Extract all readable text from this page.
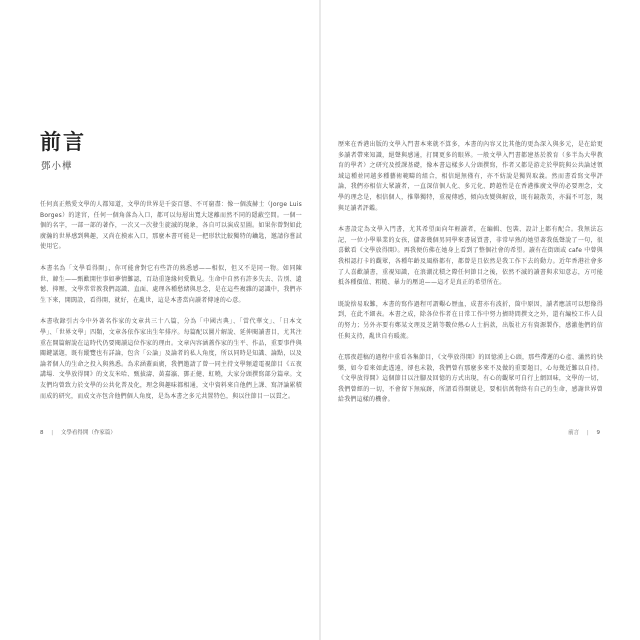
前言

鄧小樺

任何真正熱愛文學的人都知道，文學的世界是千姿百態、不可窮盡：像一個波赫士（Jorge Luis Borges）的迷宮，任何一個角落為入口，都可以每層出寬大迷離而然不同的隱蔽空間。一個一個的名字，一部一部的著作，一次又一次發生旋滅的現象，各自可以演成星圖。如果你曾對如此廣瀚的世界感到興趣，又尚在摸索入口，那麼本書可能是一把形狀比較獨特的鑰匙，邀請你嘗試使用它。

本書名為「文學看得開」，你可能會對它有些許的熟悉感——相似，但又不是同一物。如同陳世、韓生——甄歡開往事如夢情難認，百劫重逢緣何愛戰見。生命中自然有許多失去、告別、遺憾、抑壓，文學常常教我們認識、直面、處理各種愁緒與思念，是在這些複雜的認識中，我們亦生下來，開闊設，看得開，就好，在亂世，這是本書當向讀者傳達的心意。

本書收錄引古今中外著名作家的文章共三十八篇，分為「中國古典」、「當代華文」、「日本文學」、「世界文學」四類，文章各依作家出生年排序。每篇配以圖片解說、延伸閱讀書目，尤其注重在開篇解說在這時代仍要閱讀這位作家的理由。文章內容涵蓋作家的生平、作品，重要事件與關鍵議題，既有縱覽也有詳論，包含「公論」及論者的私人角度，所以同時是知識、論點，以及論者個人的生命之投入與熟悉。為求涵蓋面廣，我們邀請了曾一同主持文學頻道電視節目《五夜講場．文學放得開》的文友米哈、甄拔濤、黃嘉瀛、鄧正健、虹曉，大家分頭撰寫部分篇章。文友們均曾致力於文學的公共化普及化，理念與趣味都相通，文中資料來自他們上課、寫評論累積而成的研究，而成文亦包含他們個人角度，是為本書之多元共置特色，與以往節目一以貫之。

8 | 文學看得開（作家篇）

歷來在香港出版的文學入門書本來就不算多，本書的內容又比其他的更為深入與多元，是在給更多讀者帶來知識，絕聲與感通，打開更多的眼界。一般文學入門書都建基於教育（多半為大學教育的學者）之研究及授課基礎，像本書這樣多人分頭撰寫，作者又都是游走於學院與公共論述領域這種並同越多種藝術範疇的組合，相信絕無僅有，亦不妨說是獨異取義。然而書看寫文學評論，我們亦相信大眾讀者，一直深信個人化、多元化、跨越性是在香港推廣文學的必要理念，文學的理念是，相信個人，推舉獨特，重視傳感，傾向改變與解放，既有鏡散美，亦漏不可忽，現與足讀者評鑑。

本書設定為文學入門書，尤其希望面向年輕讀者，在編輯、包裝、設計上都有配合。我無法忘記，一位小學畢業的女孩，儲著幾個男同學來書展買書，非常早熟的她望著我低聲說了一句，很喜歡看《文學放得開》。再我便仿佛在她身上看到了整個社會的希望。讀有在街頭或 cafe 中曾與我相認打卡的觀眾，各種年齡及風格都有，都曾是且依然是我工作下去的動力。近年香港社會多了人喜歡讀書，重視知識，在浪潮沈積之際任何節目之後，依然不滅的讀書與求知意志，方可能抵各種價值、粗糙、暴力的壓迫——這才是真正的希望所在。

既說捨易取難，本書的寫作過程可謂艱心歷血，成書亦有波折，箇中原因，讀者應該可以想像得到，在此不細表。本書之成，除各位作者在日常工作中努力擠時間撰文之外，還有編校工作人員的努力；另外亦要有鄭某文理及芝銷等數位熱心人士捐款，出版社方有資源製作，感激他們的信任與支持，亂世自有暖流。

在那夜趕稿的過程中重看各集節目，《文學放得開》的回憶湧上心頭，那些滯遲的心產、瀟然的快樂，如今看來如此遙遠，卻也未散，我們曾有那麼多來不及做的重要題目，心每幾近難以自持。《文學放得開》這個節目以注腳及回憶的方式出現，有心的觀眾可自行上網回味，文學的一切，我們曾經的一切，不會留下無痕跡，所謂看得開就是，要相信萬物終有自己的生命，感謝世界曾給我們這樣的機會。

前言 | 9
